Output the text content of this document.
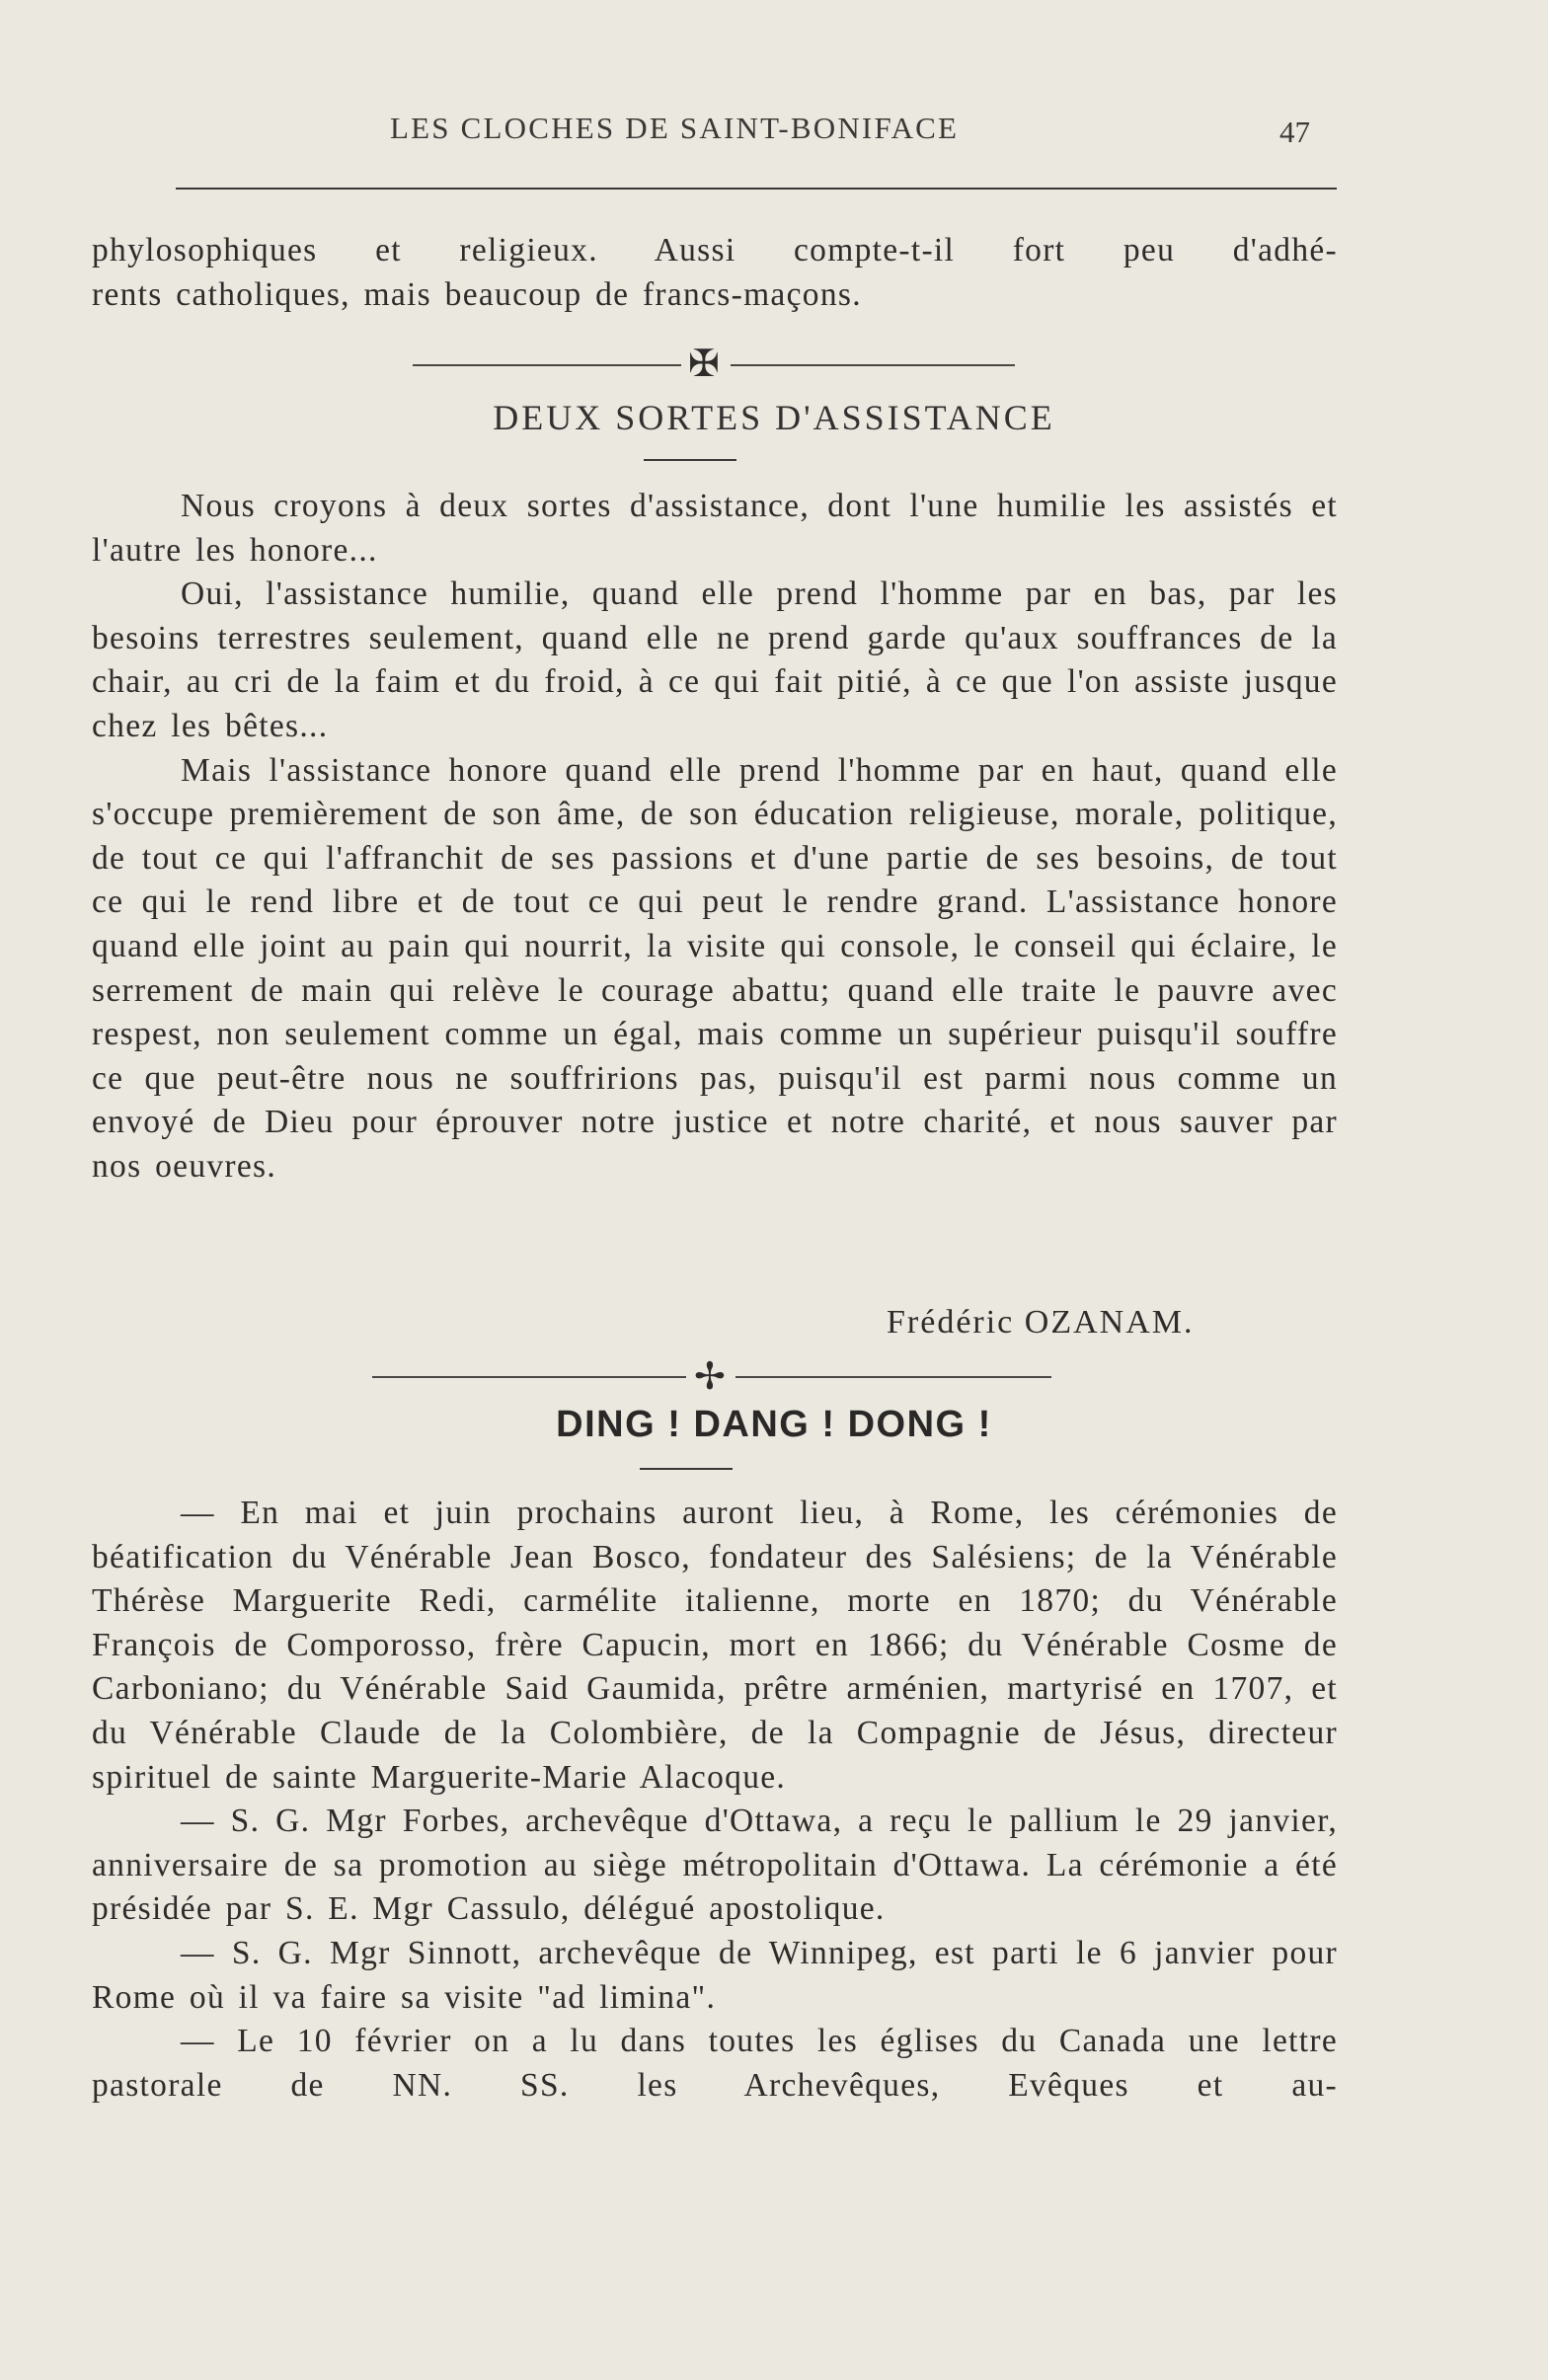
LES CLOCHES DE SAINT-BONIFACE	47

phylosophiques et religieux. Aussi compte-t-il fort peu d'adhé-

rents catholiques, mais beaucoup de francs-maçons.

✠
DEUX SORTES D'ASSISTANCE

Nous croyons à deux sortes d'assistance, dont l'une humilie les assistés et l'autre les honore...

Oui, l'assistance humilie, quand elle prend l'homme par en bas, par les besoins terrestres seulement, quand elle ne prend garde qu'aux souffrances de la chair, au cri de la faim et du froid, à ce qui fait pitié, à ce que l'on assiste jusque chez les bêtes...

Mais l'assistance honore quand elle prend l'homme par en haut, quand elle s'occupe premièrement de son âme, de son éducation religieuse, morale, politique, de tout ce qui l'affranchit de ses passions et d'une partie de ses besoins, de tout ce qui le rend libre et de tout ce qui peut le rendre grand. L'assistance honore quand elle joint au pain qui nourrit, la visite qui console, le conseil qui éclaire, le serrement de main qui relève le courage abattu; quand elle traite le pauvre avec respest, non seulement comme un égal, mais comme un supérieur puisqu'il souffre ce que peut-être nous ne souffririons pas, puisqu'il est parmi nous comme un envoyé de Dieu pour éprouver notre justice et notre charité, et nous sauver par nos oeuvres.

Frédéric OZANAM.
✢
DING ! DANG ! DONG !

— En mai et juin prochains auront lieu, à Rome, les cérémonies de béatification du Vénérable Jean Bosco, fondateur des Salésiens; de la Vénérable Thérèse Marguerite Redi, carmélite italienne, morte en 1870; du Vénérable François de Comporosso, frère Capucin, mort en 1866; du Vénérable Cosme de Carboniano; du Vénérable Said Gaumida, prêtre arménien, martyrisé en 1707, et du Vénérable Claude de la Colombière, de la Compagnie de Jésus, directeur spirituel de sainte Marguerite-Marie Alacoque.

— S. G. Mgr Forbes, archevêque d'Ottawa, a reçu le pallium le 29 janvier, anniversaire de sa promotion au siège métropolitain d'Ottawa. La cérémonie a été présidée par S. E. Mgr Cassulo, délégué apostolique.

— S. G. Mgr Sinnott, archevêque de Winnipeg, est parti le 6 janvier pour Rome où il va faire sa visite "ad limina".

— Le 10 février on a lu dans toutes les églises du Canada une lettre pastorale de NN. SS. les Archevêques, Evêques et au-
